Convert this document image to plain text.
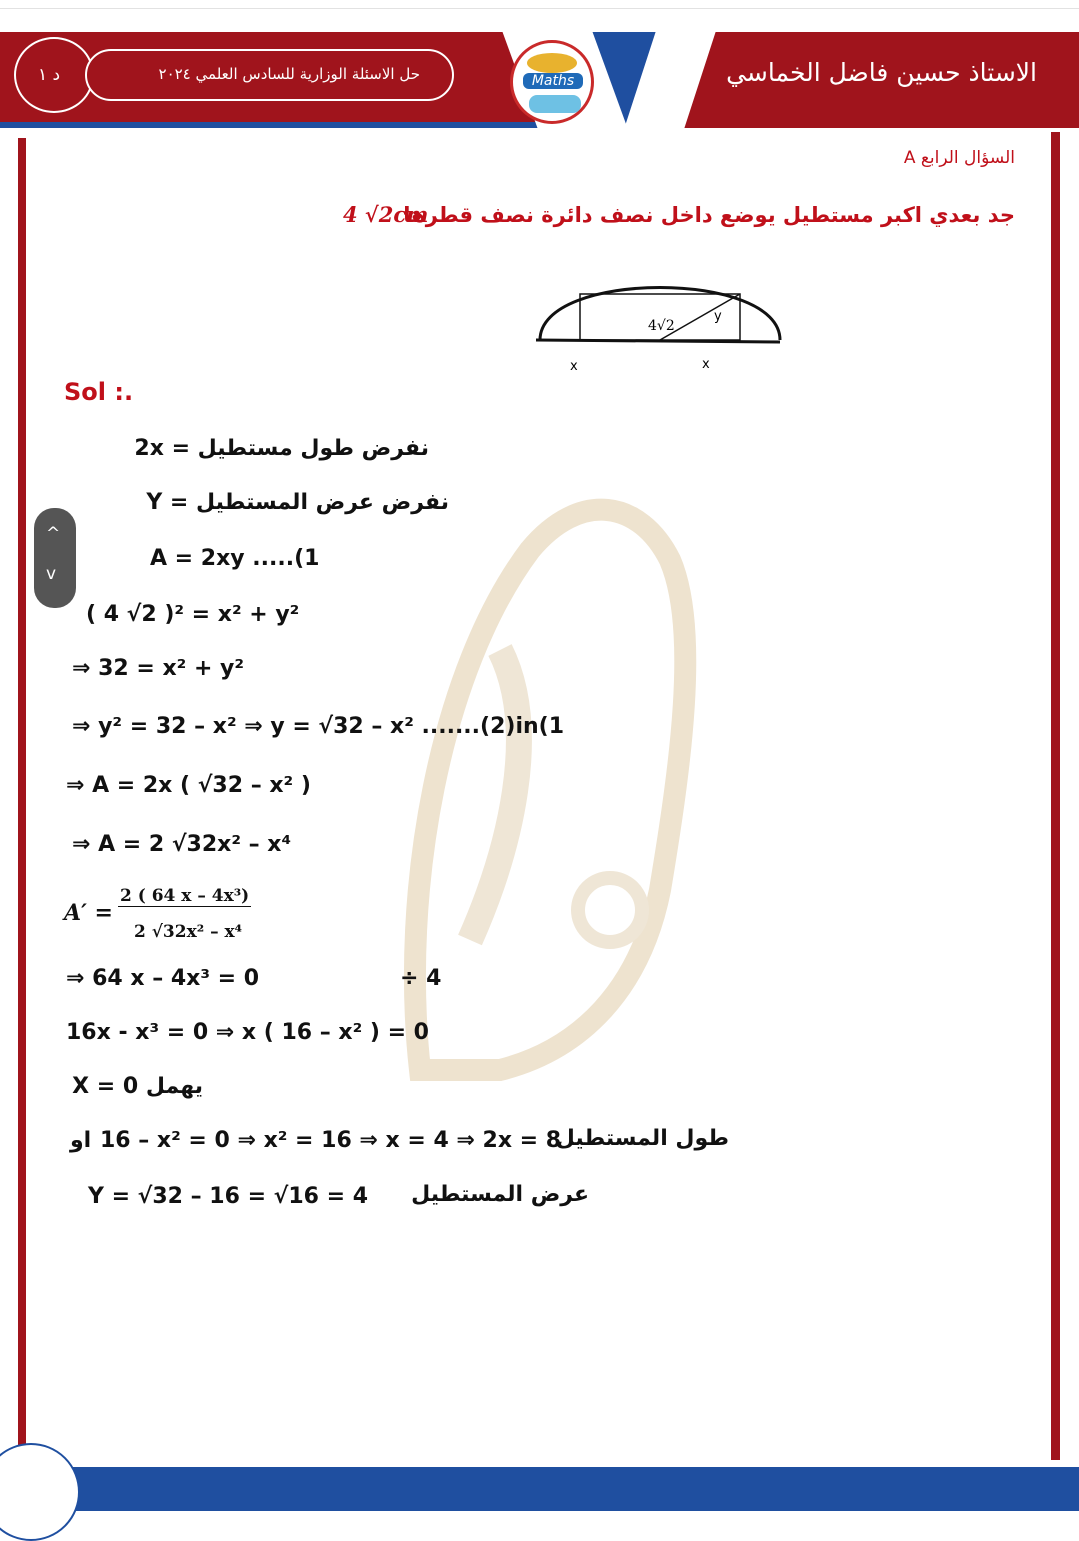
د ١	حل الاسئلة الوزارية للسادس العلمي ٢٠٢٤	Maths	الاستاذ حسين فاضل الخماسي
^
v
السؤال الرابع A
جد بعدي اكبر مستطيل يوضع داخل نصف دائرة نصف قطرها
4 √2cm
4√2
y
x	x
Sol :.
نفرض طول مستطيل = 2x
نفرض عرض المستطيل = Y
A = 2xy .....(1
( 4 √2 )² = x² + y²
⇒ 32 = x² + y²
⇒ y² = 32 – x² ⇒ y = √32 – x² .......(2)in(1
⇒ A = 2x ( √32 – x² )
⇒ A = 2 √32x² – x⁴
A′ =
2 ( 64 x – 4x³)
2 √32x² – x⁴
⇒ 64 x – 4x³ = 0	÷ 4
16x - x³ = 0 ⇒ x ( 16 – x² ) = 0
X = 0 يهمل
او 16 – x² = 0 ⇒ x² = 16 ⇒ x = 4 ⇒ 2x = 8
طول المستطيل
Y = √32 – 16 = √16 = 4 عرض المستطيل
